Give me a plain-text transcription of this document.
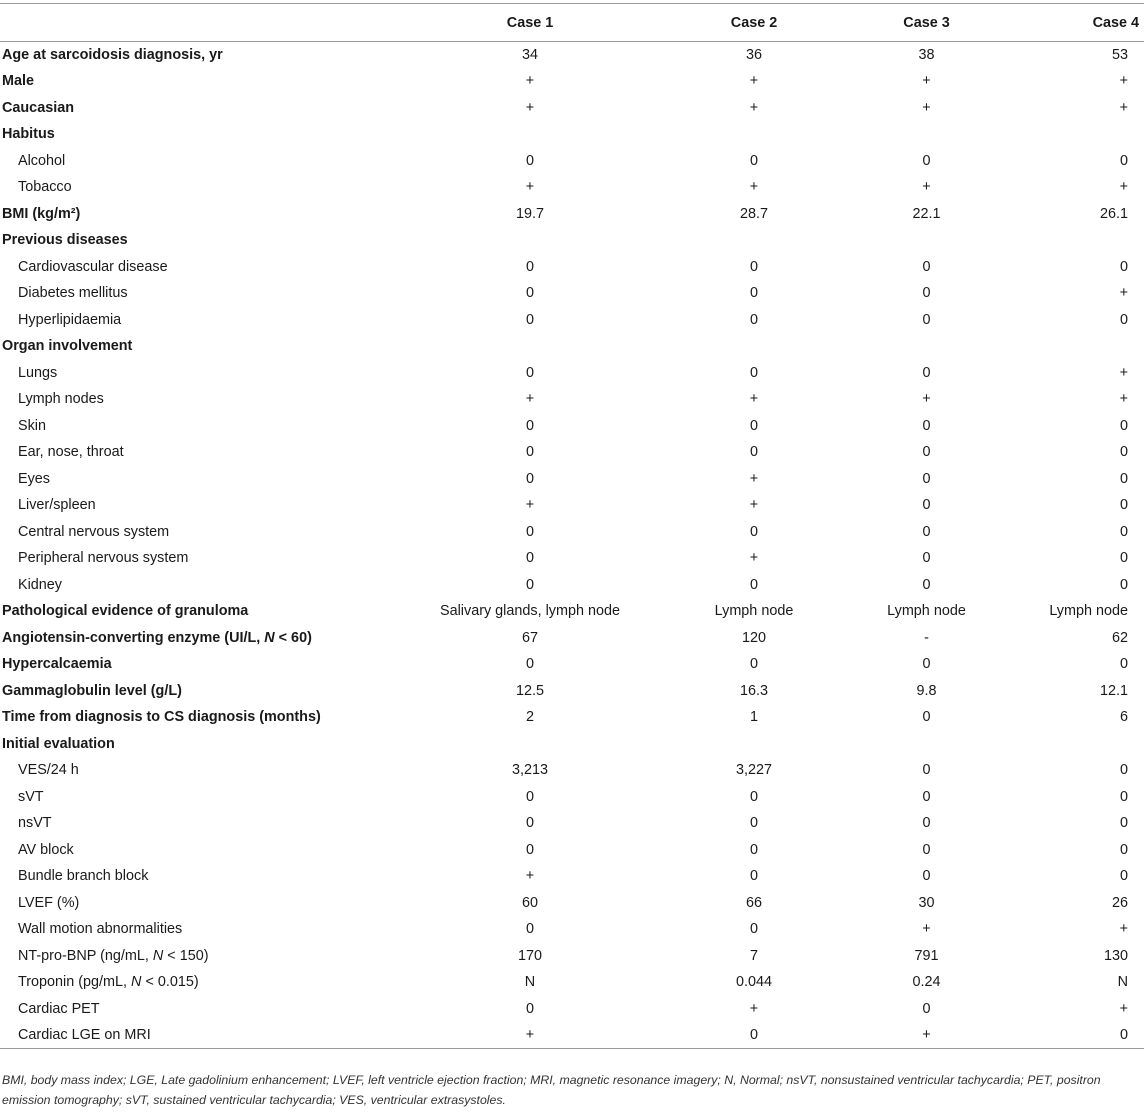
	Case 1	Case 2	Case 3	Case 4
Age at sarcoidosis diagnosis, yr	34	36	38	53
Male	+	+	+	+
Caucasian	+	+	+	+
Habitus				
Alcohol	0	0	0	0
Tobacco	+	+	+	+
BMI (kg/m²)	19.7	28.7	22.1	26.1
Previous diseases				
Cardiovascular disease	0	0	0	0
Diabetes mellitus	0	0	0	+
Hyperlipidaemia	0	0	0	0
Organ involvement				
Lungs	0	0	0	+
Lymph nodes	+	+	+	+
Skin	0	0	0	0
Ear, nose, throat	0	0	0	0
Eyes	0	+	0	0
Liver/spleen	+	+	0	0
Central nervous system	0	0	0	0
Peripheral nervous system	0	+	0	0
Kidney	0	0	0	0
Pathological evidence of granuloma	Salivary glands, lymph node	Lymph node	Lymph node	Lymph node
Angiotensin-converting enzyme (UI/L, N < 60)	67	120	-	62
Hypercalcaemia	0	0	0	0
Gammaglobulin level (g/L)	12.5	16.3	9.8	12.1
Time from diagnosis to CS diagnosis (months)	2	1	0	6
Initial evaluation				
VES/24 h	3,213	3,227	0	0
sVT	0	0	0	0
nsVT	0	0	0	0
AV block	0	0	0	0
Bundle branch block	+	0	0	0
LVEF (%)	60	66	30	26
Wall motion abnormalities	0	0	+	+
NT-pro-BNP (ng/mL, N < 150)	170	7	791	130
Troponin (pg/mL, N < 0.015)	N	0.044	0.24	N
Cardiac PET	0	+	0	+
Cardiac LGE on MRI	+	0	+	0
BMI, body mass index; LGE, Late gadolinium enhancement; LVEF, left ventricle ejection fraction; MRI, magnetic resonance imagery; N, Normal; nsVT, nonsustained ventricular tachycardia; PET, positron emission tomography; sVT, sustained ventricular tachycardia; VES, ventricular extrasystoles.
